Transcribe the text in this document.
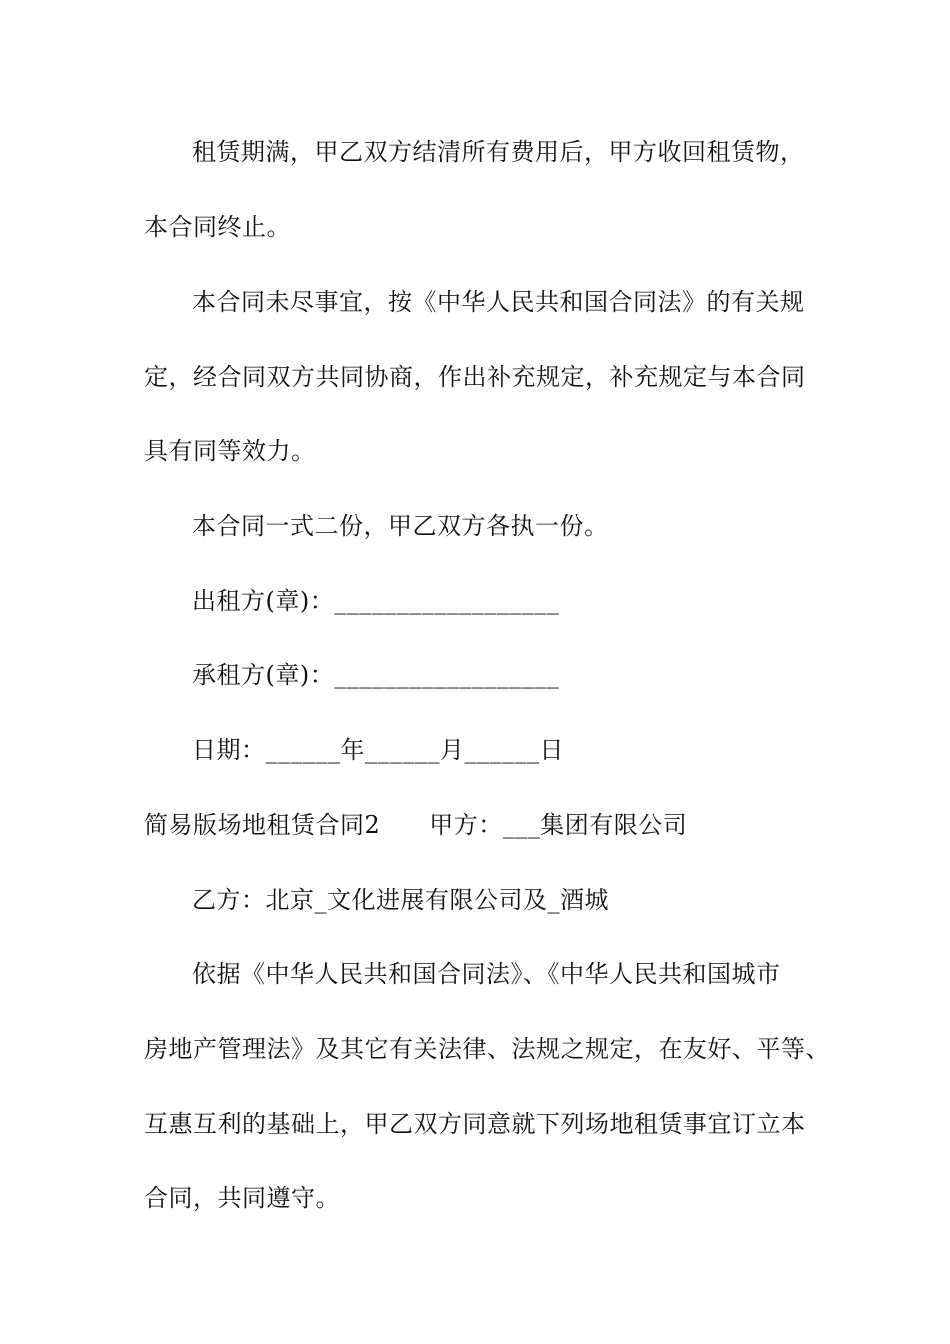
租赁期满，甲乙双方结清所有费用后，甲方收回租赁物，
本合同终止。
本合同未尽事宜，按《中华人民共和国合同法》的有关规
定，经合同双方共同协商，作出补充规定，补充规定与本合同
具有同等效力。
本合同一式二份，甲乙双方各执一份。
出租方(章)：__________________
承租方(章)：__________________
日期：______年______月______日
简易版场地租赁合同2　　甲方：___集团有限公司
乙方：北京_文化进展有限公司及_酒城
依据《中华人民共和国合同法》、《中华人民共和国城市
房地产管理法》及其它有关法律、法规之规定，在友好、平等、
互惠互利的基础上，甲乙双方同意就下列场地租赁事宜订立本
合同，共同遵守。
